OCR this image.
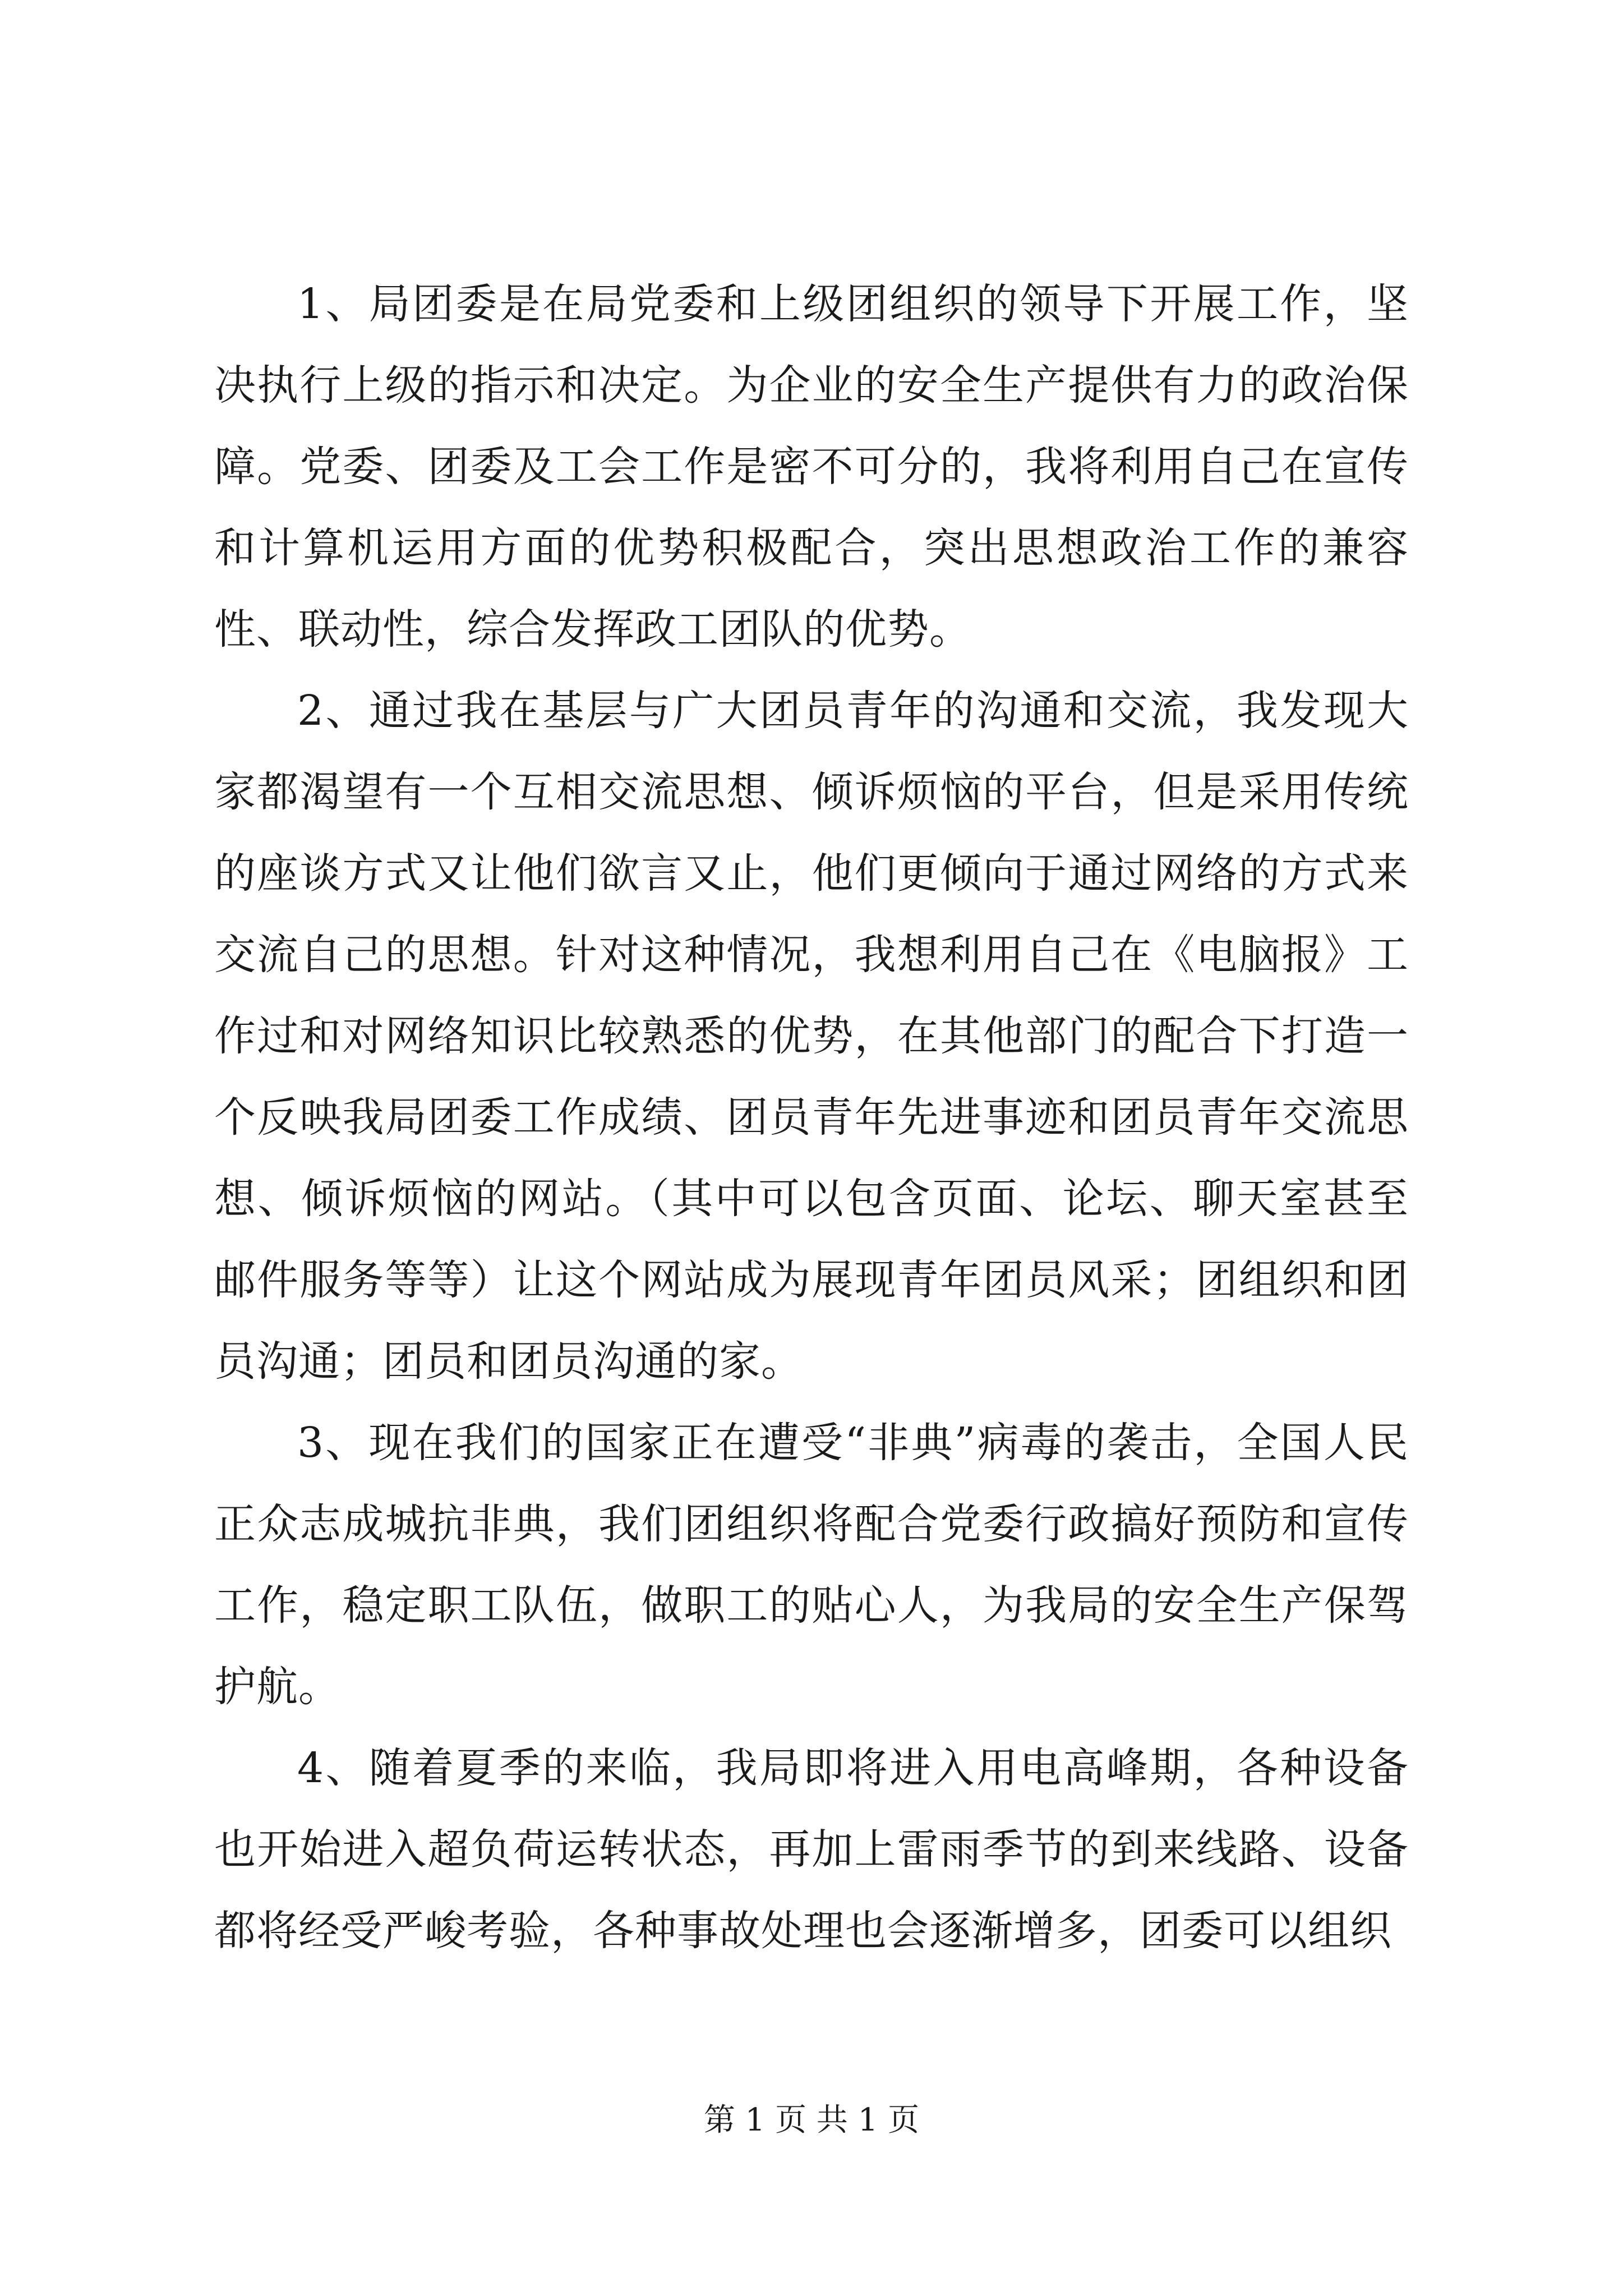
1、局团委是在局党委和上级团组织的领导下开展工作，坚决执行上级的指示和决定。为企业的安全生产提供有力的政治保障。党委、团委及工会工作是密不可分的，我将利用自己在宣传和计算机运用方面的优势积极配合，突出思想政治工作的兼容性、联动性，综合发挥政工团队的优势。

2、通过我在基层与广大团员青年的沟通和交流，我发现大家都渴望有一个互相交流思想、倾诉烦恼的平台，但是采用传统的座谈方式又让他们欲言又止，他们更倾向于通过网络的方式来交流自己的思想。针对这种情况，我想利用自己在《电脑报》工作过和对网络知识比较熟悉的优势，在其他部门的配合下打造一个反映我局团委工作成绩、团员青年先进事迹和团员青年交流思想、倾诉烦恼的网站。（其中可以包含页面、论坛、聊天室甚至邮件服务等等）让这个网站成为展现青年团员风采；团组织和团员沟通；团员和团员沟通的家。

3、现在我们的国家正在遭受“非典”病毒的袭击，全国人民正众志成城抗非典，我们团组织将配合党委行政搞好预防和宣传工作，稳定职工队伍，做职工的贴心人，为我局的安全生产保驾护航。

4、随着夏季的来临，我局即将进入用电高峰期，各种设备也开始进入超负荷运转状态，再加上雷雨季节的到来线路、设备都将经受严峻考验，各种事故处理也会逐渐增多，团委可以组织

第 1 页 共 1 页
